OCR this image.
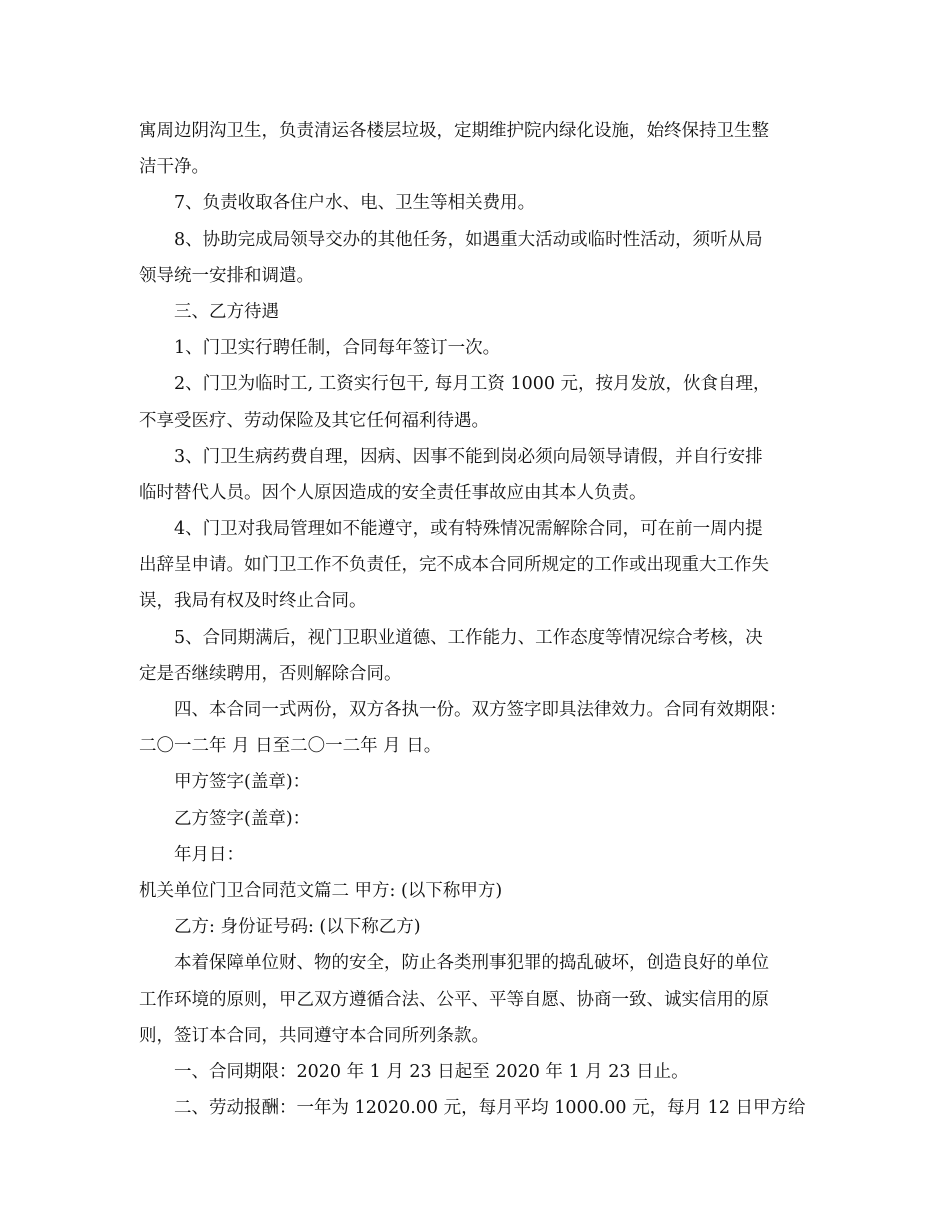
寓周边阴沟卫生，负责清运各楼层垃圾，定期维护院内绿化设施，始终保持卫生整
洁干净。
7、负责收取各住户水、电、卫生等相关费用。
8、协助完成局领导交办的其他任务，如遇重大活动或临时性活动，须听从局
领导统一安排和调遣。
三、乙方待遇
1、门卫实行聘任制，合同每年签订一次。
2、门卫为临时工, 工资实行包干, 每月工资 1000 元，按月发放，伙食自理，
不享受医疗、劳动保险及其它任何福利待遇。
3、门卫生病药费自理，因病、因事不能到岗必须向局领导请假，并自行安排
临时替代人员。因个人原因造成的安全责任事故应由其本人负责。
4、门卫对我局管理如不能遵守，或有特殊情况需解除合同，可在前一周内提
出辞呈申请。如门卫工作不负责任，完不成本合同所规定的工作或出现重大工作失
误，我局有权及时终止合同。
5、合同期满后，视门卫职业道德、工作能力、工作态度等情况综合考核，决
定是否继续聘用，否则解除合同。
四、本合同一式两份，双方各执一份。双方签字即具法律效力。合同有效期限：
二〇一二年 月 日至二〇一二年 月 日。
甲方签字(盖章)：
乙方签字(盖章)：
年月日：
机关单位门卫合同范文篇二 甲方: (以下称甲方)
乙方: 身份证号码: (以下称乙方)
本着保障单位财、物的安全，防止各类刑事犯罪的捣乱破坏，创造良好的单位
工作环境的原则，甲乙双方遵循合法、公平、平等自愿、协商一致、诚实信用的原
则，签订本合同，共同遵守本合同所列条款。
一、合同期限：2020 年 1 月 23 日起至 2020 年 1 月 23 日止。
二、劳动报酬：一年为 12020.00 元，每月平均 1000.00 元，每月 12 日甲方给
